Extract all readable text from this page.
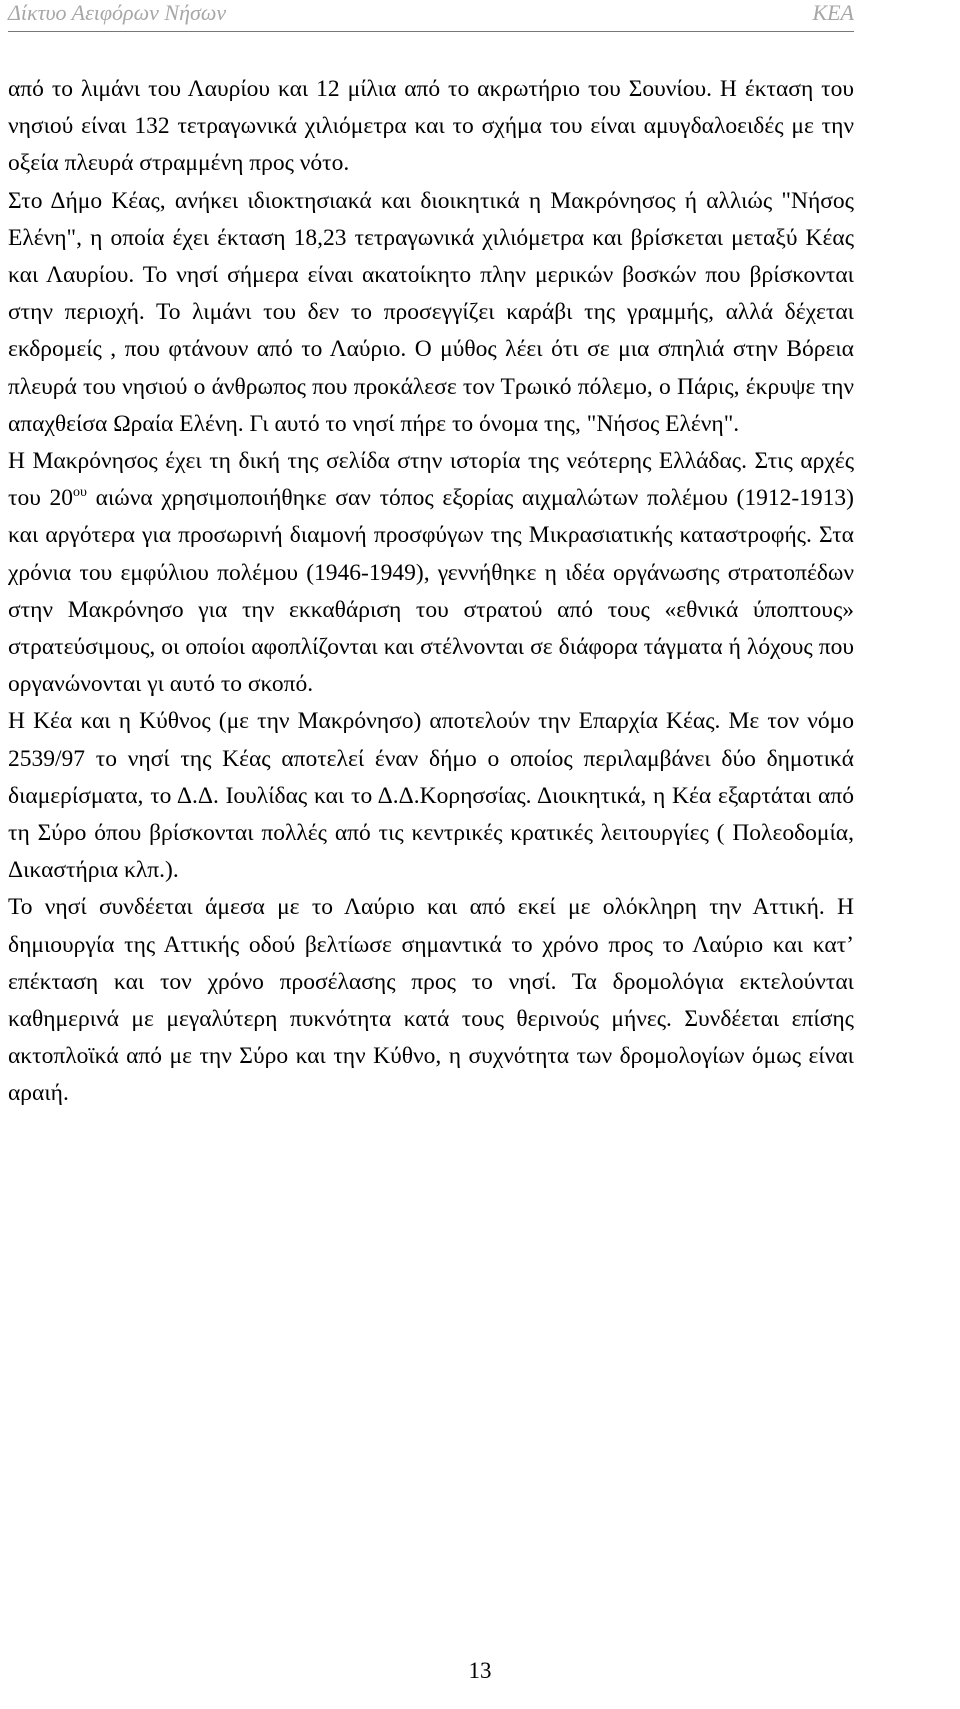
Δίκτυο Αειφόρων Νήσων	ΚΕΑ

από το λιμάνι του Λαυρίου και 12 μίλια από το ακρωτήριο του Σουνίου. Η έκταση του νησιού είναι 132 τετραγωνικά χιλιόμετρα και το σχήμα του είναι αμυγδαλοειδές με την οξεία πλευρά στραμμένη προς νότο.

Στο Δήμο Κέας, ανήκει ιδιοκτησιακά και διοικητικά η Μακρόνησος ή αλλιώς "Νήσος Ελένη", η οποία έχει έκταση 18,23 τετραγωνικά χιλιόμετρα και βρίσκεται μεταξύ Κέας και Λαυρίου. Το νησί σήμερα είναι ακατοίκητο πλην μερικών βοσκών που βρίσκονται στην περιοχή. Το λιμάνι του δεν το προσεγγίζει καράβι της γραμμής, αλλά δέχεται εκδρομείς , που φτάνουν από το Λαύριο. Ο μύθος λέει ότι σε μια σπηλιά στην Βόρεια πλευρά του νησιού ο άνθρωπος που προκάλεσε τον Τρωικό πόλεμο, ο Πάρις, έκρυψε την απαχθείσα Ωραία Ελένη. Γι αυτό το νησί πήρε το όνομα της, "Νήσος Ελένη".

Η Μακρόνησος έχει τη δική της σελίδα στην ιστορία της νεότερης Ελλάδας. Στις αρχές του $20^{o\upsilon}$ αιώνα χρησιμοποιήθηκε σαν τόπος εξορίας αιχμαλώτων πολέμου (1912-1913) και αργότερα για προσωρινή διαμονή προσφύγων της Μικρασιατικής καταστροφής. Στα χρόνια του εμφύλιου πολέμου (1946-1949), γεννήθηκε η ιδέα οργάνωσης στρατοπέδων στην Μακρόνησο για την εκκαθάριση του στρατού από τους «εθνικά ύποπτους» στρατεύσιμους, οι οποίοι αφοπλίζονται και στέλνονται σε διάφορα τάγματα ή λόχους που οργανώνονται γι αυτό το σκοπό.

Η Κέα και η Κύθνος (με την Μακρόνησο) αποτελούν την Επαρχία Κέας. Με τον νόμο 2539/97 το νησί της Κέας αποτελεί έναν δήμο ο οποίος περιλαμβάνει δύο δημοτικά διαμερίσματα, το Δ.Δ. Ιουλίδας και το Δ.Δ.Κορησσίας. Διοικητικά, η Κέα εξαρτάται από τη Σύρο όπου βρίσκονται πολλές από τις κεντρικές κρατικές λειτουργίες ( Πολεοδομία, Δικαστήρια κλπ.).

Το νησί συνδέεται άμεσα με το Λαύριο και από εκεί με ολόκληρη την Αττική. Η δημιουργία της Αττικής οδού βελτίωσε σημαντικά το χρόνο προς το Λαύριο και κατ’ επέκταση και τον χρόνο προσέλασης προς το νησί. Τα δρομολόγια εκτελούνται καθημερινά με μεγαλύτερη πυκνότητα κατά τους θερινούς μήνες. Συνδέεται επίσης ακτοπλοϊκά από με την Σύρο και την Κύθνο, η συχνότητα των δρομολογίων όμως είναι αραιή.

13
